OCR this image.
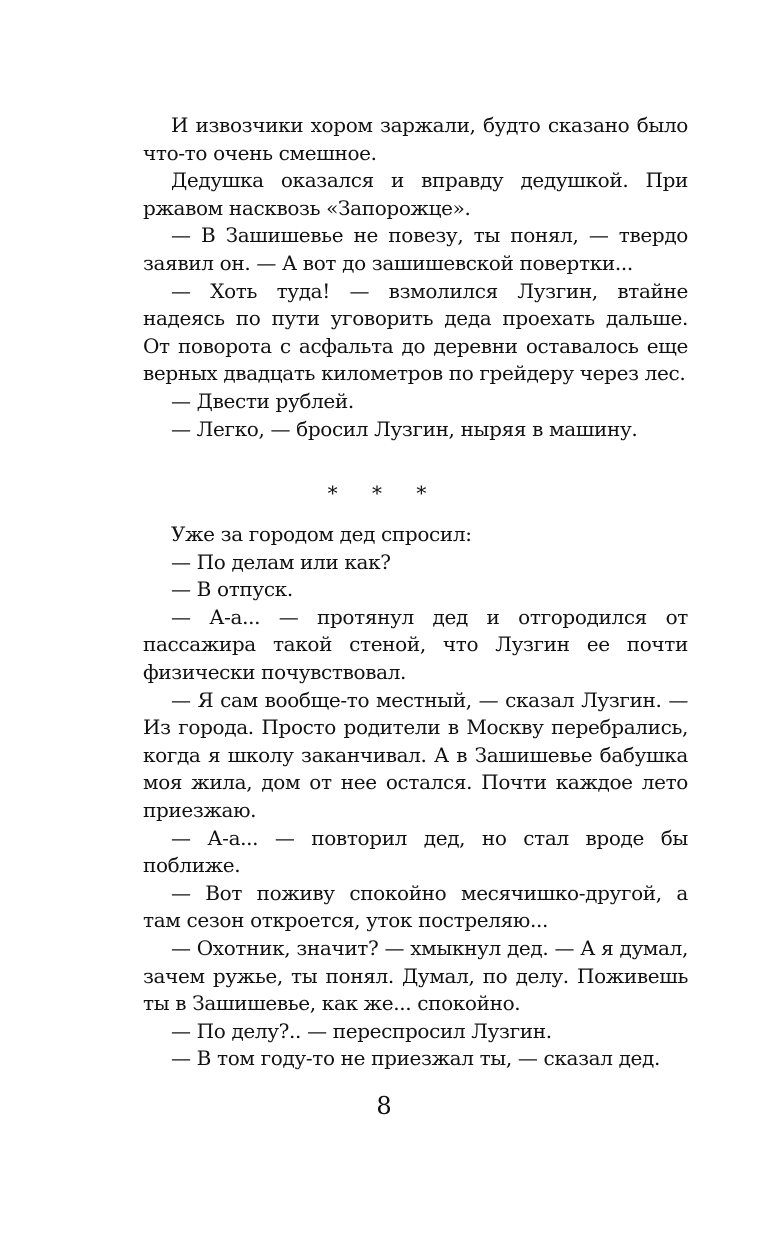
И извозчики хором заржали, будто сказано было что-то очень смешное.

Дедушка оказался и вправду дедушкой. При ржавом насквозь «Запорожце».

— В Зашишевье не повезу, ты понял, — твердо заявил он. — А вот до зашишевской повертки...

— Хоть туда! — взмолился Лузгин, втайне надеясь по пути уговорить деда проехать дальше. От поворота с асфальта до деревни оставалось еще верных двадцать километров по грейдеру через лес.

— Двести рублей.

— Легко, — бросил Лузгин, ныряя в машину.

* * *

Уже за городом дед спросил:

— По делам или как?

— В отпуск.

— А-а... — протянул дед и отгородился от пассажира такой стеной, что Лузгин ее почти физически почувствовал.

— Я сам вообще-то местный, — сказал Лузгин. — Из города. Просто родители в Москву перебрались, когда я школу заканчивал. А в Зашишевье бабушка моя жила, дом от нее остался. Почти каждое лето приезжаю.

— А-а... — повторил дед, но стал вроде бы поближе.

— Вот поживу спокойно месячишко-другой, а там сезон откроется, уток постреляю...

— Охотник, значит? — хмыкнул дед. — А я думал, зачем ружье, ты понял. Думал, по делу. Поживешь ты в Зашишевье, как же... спокойно.

— По делу?.. — переспросил Лузгин.

— В том году-то не приезжал ты, — сказал дед.

8
